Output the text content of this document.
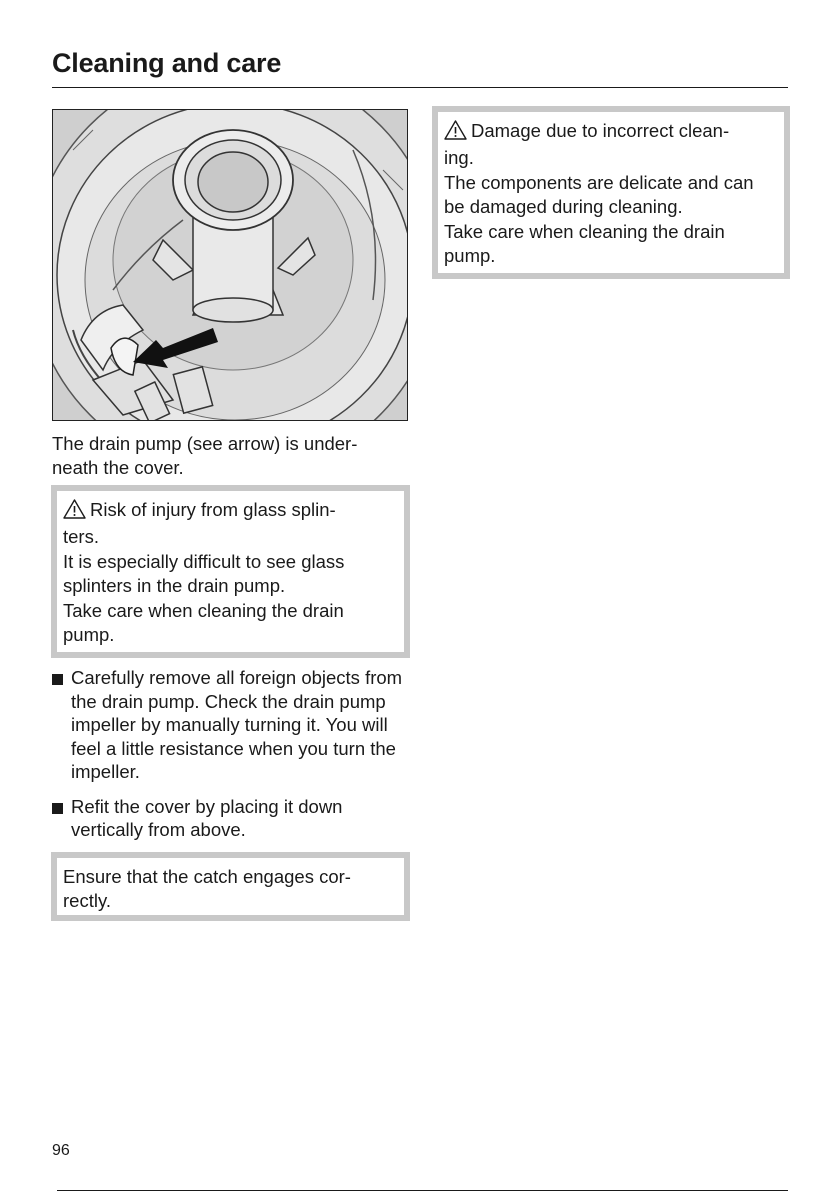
Cleaning and care
The drain pump (see arrow) is under-
neath the cover.

Risk of injury from glass splin-
ters.

It is especially difficult to see glass splinters in the drain pump.

Take care when cleaning the drain pump.

Carefully remove all foreign objects from the drain pump. Check the drain pump impeller by manually turning it. You will feel a little resistance when you turn the impeller.
Refit the cover by placing it down vertically from above.

Ensure that the catch engages cor-
rectly.

Damage due to incorrect clean-
ing.

The components are delicate and can be damaged during cleaning.

Take care when cleaning the drain pump.

96
